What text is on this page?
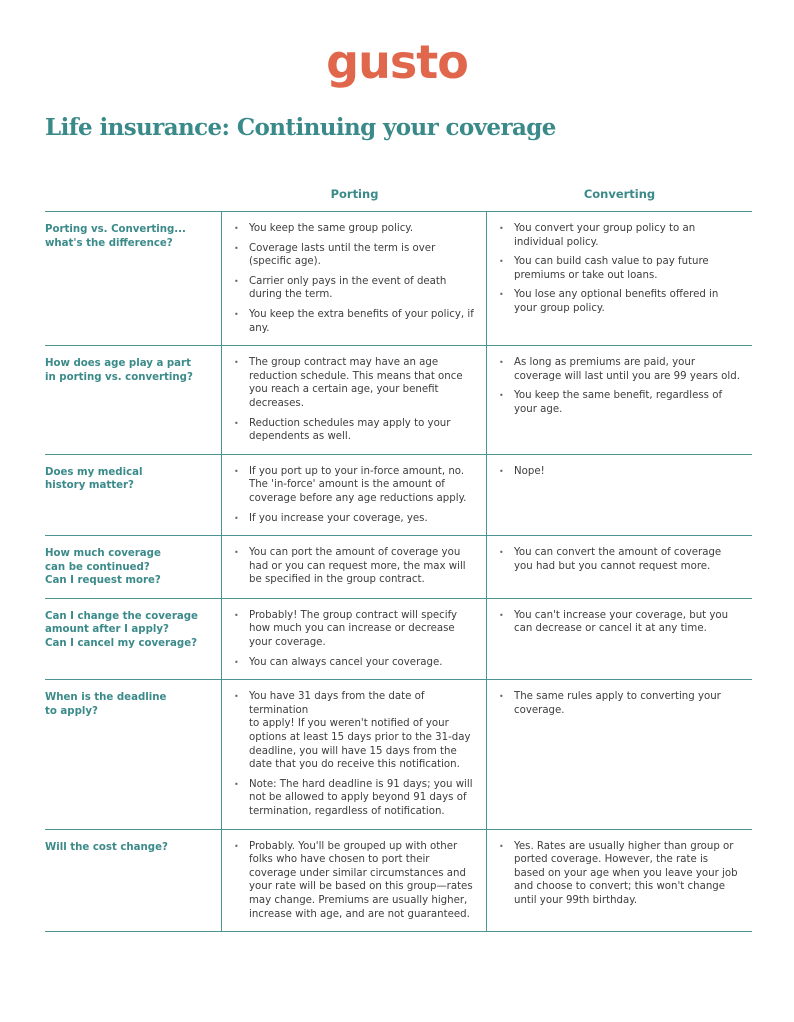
gusto
Life insurance: Continuing your coverage
Porting	Converting
Porting vs. Converting...
what's the difference?
• You keep the same group policy.
• Coverage lasts until the term is over (specific age).
• Carrier only pays in the event of death during the term.
• You keep the extra benefits of your policy, if any.
• You convert your group policy to an individual policy.
• You can build cash value to pay future premiums or take out loans.
• You lose any optional benefits offered in your group policy.
How does age play a part
in porting vs. converting?
• The group contract may have an age reduction schedule. This means that once you reach a certain age, your benefit decreases.
• Reduction schedules may apply to your dependents as well.
• As long as premiums are paid, your coverage will last until you are 99 years old.
• You keep the same benefit, regardless of your age.
Does my medical
history matter?
• If you port up to your in-force amount, no. The 'in-force' amount is the amount of coverage before any age reductions apply.
• If you increase your coverage, yes.
• Nope!
How much coverage
can be continued?
Can I request more?
• You can port the amount of coverage you had or you can request more, the max will be specified in the group contract.
• You can convert the amount of coverage you had but you cannot request more.
Can I change the coverage
amount after I apply?
Can I cancel my coverage?
• Probably! The group contract will specify how much you can increase or decrease your coverage.
• You can always cancel your coverage.
• You can't increase your coverage, but you can decrease or cancel it at any time.
When is the deadline
to apply?
• You have 31 days from the date of termination
to apply! If you weren't notified of your options at least 15 days prior to the 31-day deadline, you will have 15 days from the date that you do receive this notification.
• Note: The hard deadline is 91 days; you will not be allowed to apply beyond 91 days of termination, regardless of notification.
• The same rules apply to converting your coverage.
Will the cost change?
•	Probably. You'll be grouped up with other folks who have chosen to port their coverage under similar circumstances and your rate will be based on this group—rates may change. Premiums are usually higher, increase with age, and are not guaranteed.
• Yes. Rates are usually higher than group or ported coverage. However, the rate is based on your age when you leave your job and choose to convert; this won't change until your 99th birthday.
